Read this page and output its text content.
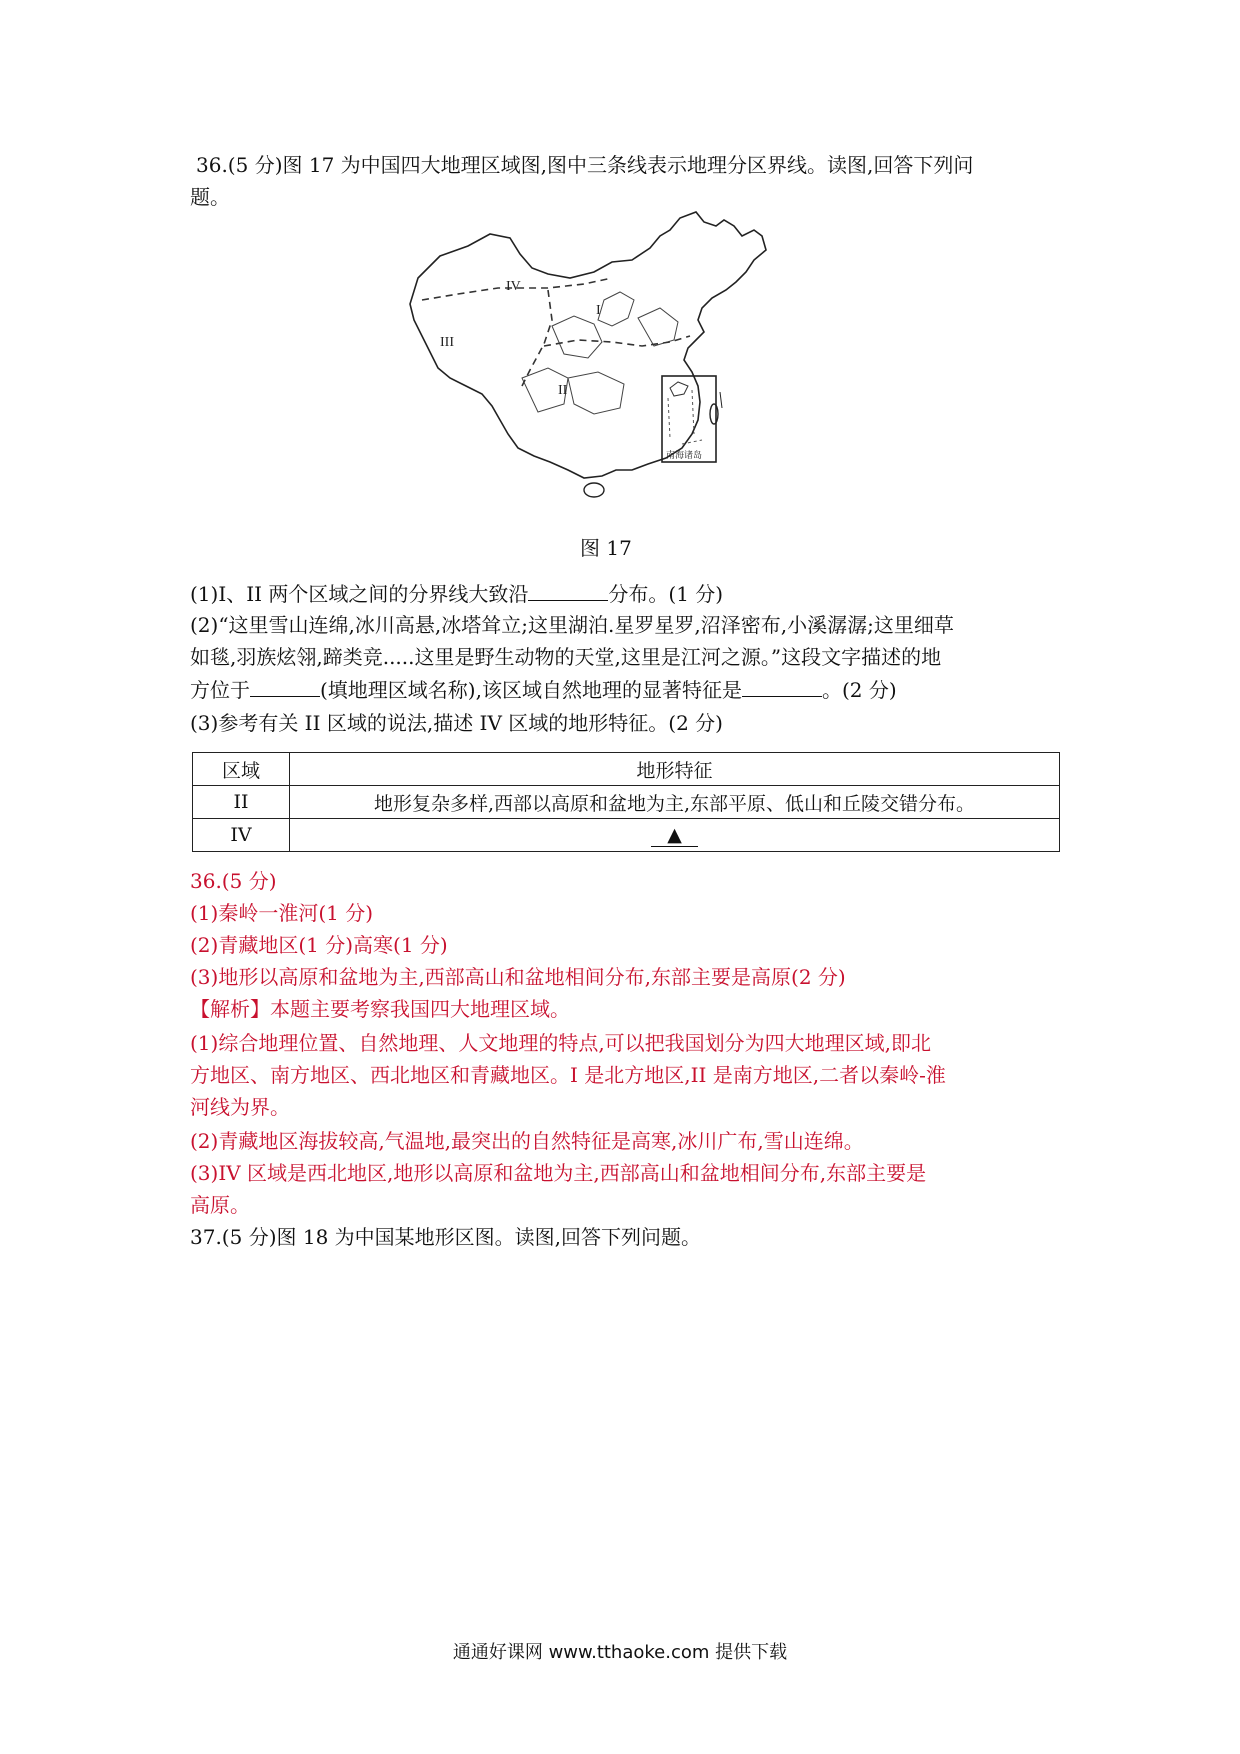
36.(5 分)图 17 为中国四大地理区域图,图中三条线表示地理分区界线。读图,回答下列问
题。
IV
I
III
II
南海诸岛
图 17
(1)I、II 两个区域之间的分界线大致沿	分布。(1 分)
(2)“这里雪山连绵,冰川高悬,冰塔耸立;这里湖泊.星罗星罗,沼泽密布,小溪潺潺;这里细草
如毯,羽族炫翎,蹄类竞.....这里是野生动物的天堂,这里是江河之源。”这段文字描述的地
方位于	(填地理区域名称),该区域自然地理的显著特征是	。(2 分)
(3)参考有关 II 区域的说法,描述 IV 区域的地形特征。(2 分)
区域	地形特征
II	地形复杂多样,西部以高原和盆地为主,东部平原、低山和丘陵交错分布。
IV	▲
36.(5 分)
(1)秦岭一淮河(1 分)
(2)青藏地区(1 分)高寒(1 分)
(3)地形以高原和盆地为主,西部高山和盆地相间分布,东部主要是高原(2 分)
【解析】本题主要考察我国四大地理区域。
(1)综合地理位置、自然地理、人文地理的特点,可以把我国划分为四大地理区域,即北
方地区、南方地区、西北地区和青藏地区。I 是北方地区,II 是南方地区,二者以秦岭-淮
河线为界。
(2)青藏地区海拔较高,气温地,最突出的自然特征是高寒,冰川广布,雪山连绵。
(3)IV 区域是西北地区,地形以高原和盆地为主,西部高山和盆地相间分布,东部主要是
高原。
37.(5 分)图 18 为中国某地形区图。读图,回答下列问题。
通通好课网 www.tthaoke.com 提供下载
